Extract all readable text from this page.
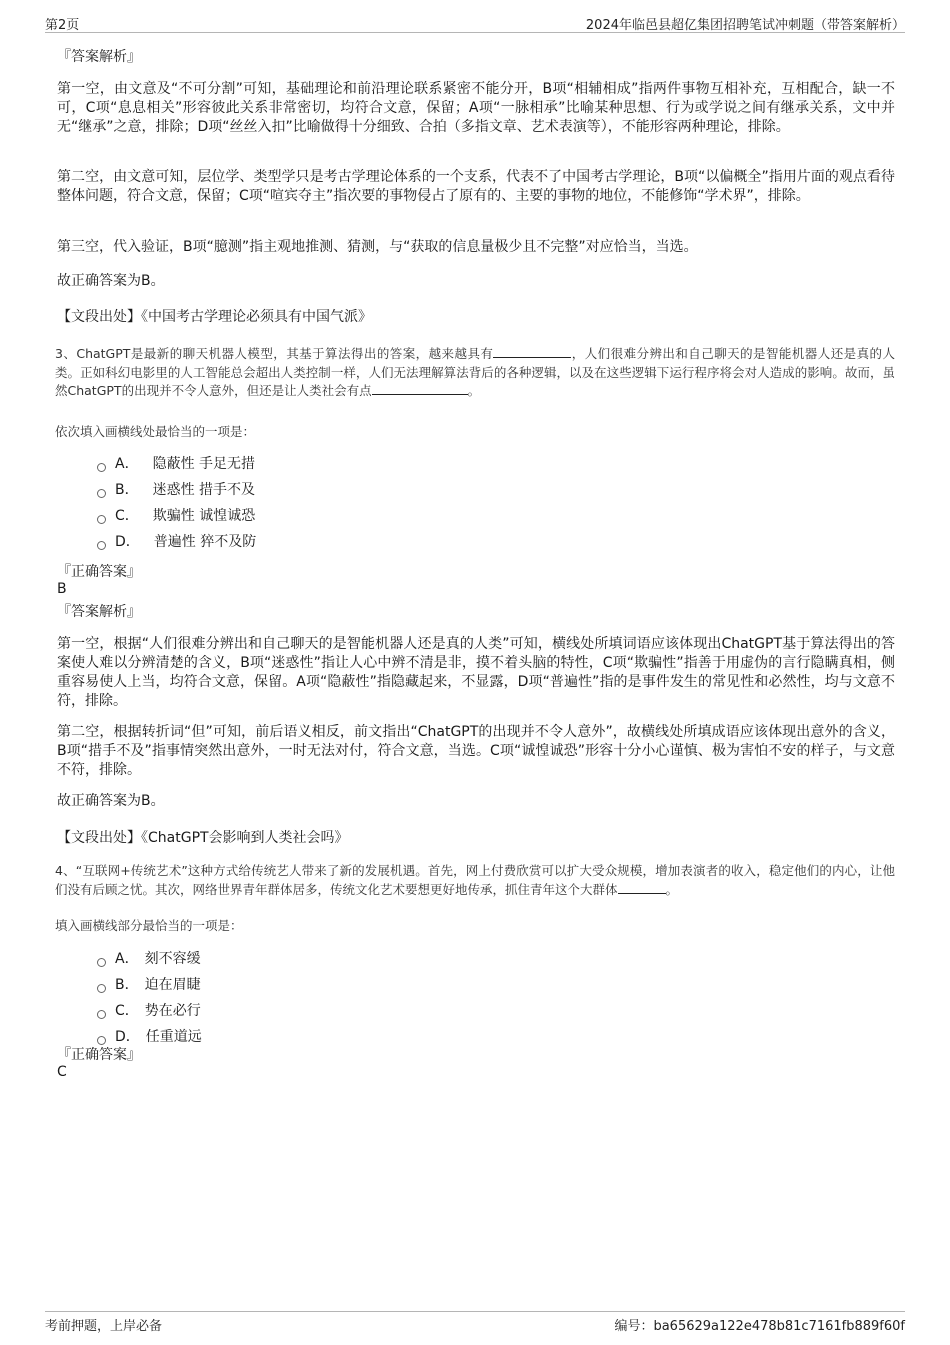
第2页	2024年临邑县超亿集团招聘笔试冲刺题（带答案解析）
『答案解析』
第一空，由文意及“不可分割”可知，基础理论和前沿理论联系紧密不能分开，B项“相辅相成”指两件事物互相补充，互相配合，缺一不可，C项“息息相关”形容彼此关系非常密切，均符合文意，保留；A项“一脉相承”比喻某种思想、行为或学说之间有继承关系，文中并无“继承”之意，排除；D项“丝丝入扣”比喻做得十分细致、合拍（多指文章、艺术表演等），不能形容两种理论，排除。
第二空，由文意可知，层位学、类型学只是考古学理论体系的一个支系，代表不了中国考古学理论，B项“以偏概全”指用片面的观点看待整体问题，符合文意，保留；C项“喧宾夺主”指次要的事物侵占了原有的、主要的事物的地位，不能修饰“学术界”，排除。
第三空，代入验证，B项“臆测”指主观地推测、猜测，与“获取的信息量极少且不完整”对应恰当，当选。
故正确答案为B。
【文段出处】《中国考古学理论必须具有中国气派》
3、ChatGPT是最新的聊天机器人模型，其基于算法得出的答案，越来越具有	，人们很难分辨出和自己聊天的是智能机器人还是真的人类。正如科幻电影里的人工智能总会超出人类控制一样，人们无法理解算法背后的各种逻辑，以及在这些逻辑下运行程序将会对人造成的影响。故而，虽然ChatGPT的出现并不令人意外，但还是让人类社会有点	。
依次填入画横线处最恰当的一项是：
A． 隐蔽性 手足无措
B． 迷惑性 措手不及
C． 欺骗性 诚惶诚恐
D． 普遍性 猝不及防
『正确答案』
B
『答案解析』
第一空，根据“人们很难分辨出和自己聊天的是智能机器人还是真的人类”可知，横线处所填词语应该体现出ChatGPT基于算法得出的答案使人难以分辨清楚的含义，B项“迷惑性”指让人心中辨不清是非，摸不着头脑的特性，C项“欺骗性”指善于用虚伪的言行隐瞒真相，侧重容易使人上当，均符合文意，保留。A项“隐蔽性”指隐藏起来，不显露，D项“普遍性”指的是事件发生的常见性和必然性，均与文意不符，排除。
第二空，根据转折词“但”可知，前后语义相反，前文指出“ChatGPT的出现并不令人意外”，故横线处所填成语应该体现出意外的含义，B项“措手不及”指事情突然出意外，一时无法对付，符合文意，当选。C项“诚惶诚恐”形容十分小心谨慎、极为害怕不安的样子，与文意不符，排除。
故正确答案为B。
【文段出处】《ChatGPT会影响到人类社会吗》
4、“互联网+传统艺术”这种方式给传统艺人带来了新的发展机遇。首先，网上付费欣赏可以扩大受众规模，增加表演者的收入，稳定他们的内心，让他们没有后顾之忧。其次，网络世界青年群体居多，传统文化艺术要想更好地传承，抓住青年这个大群体	。
填入画横线部分最恰当的一项是：
A． 刻不容缓
B． 迫在眉睫
C． 势在必行
D． 任重道远
『正确答案』
C
考前押题，上岸必备	编号：ba65629a122e478b81c7161fb889f60f
